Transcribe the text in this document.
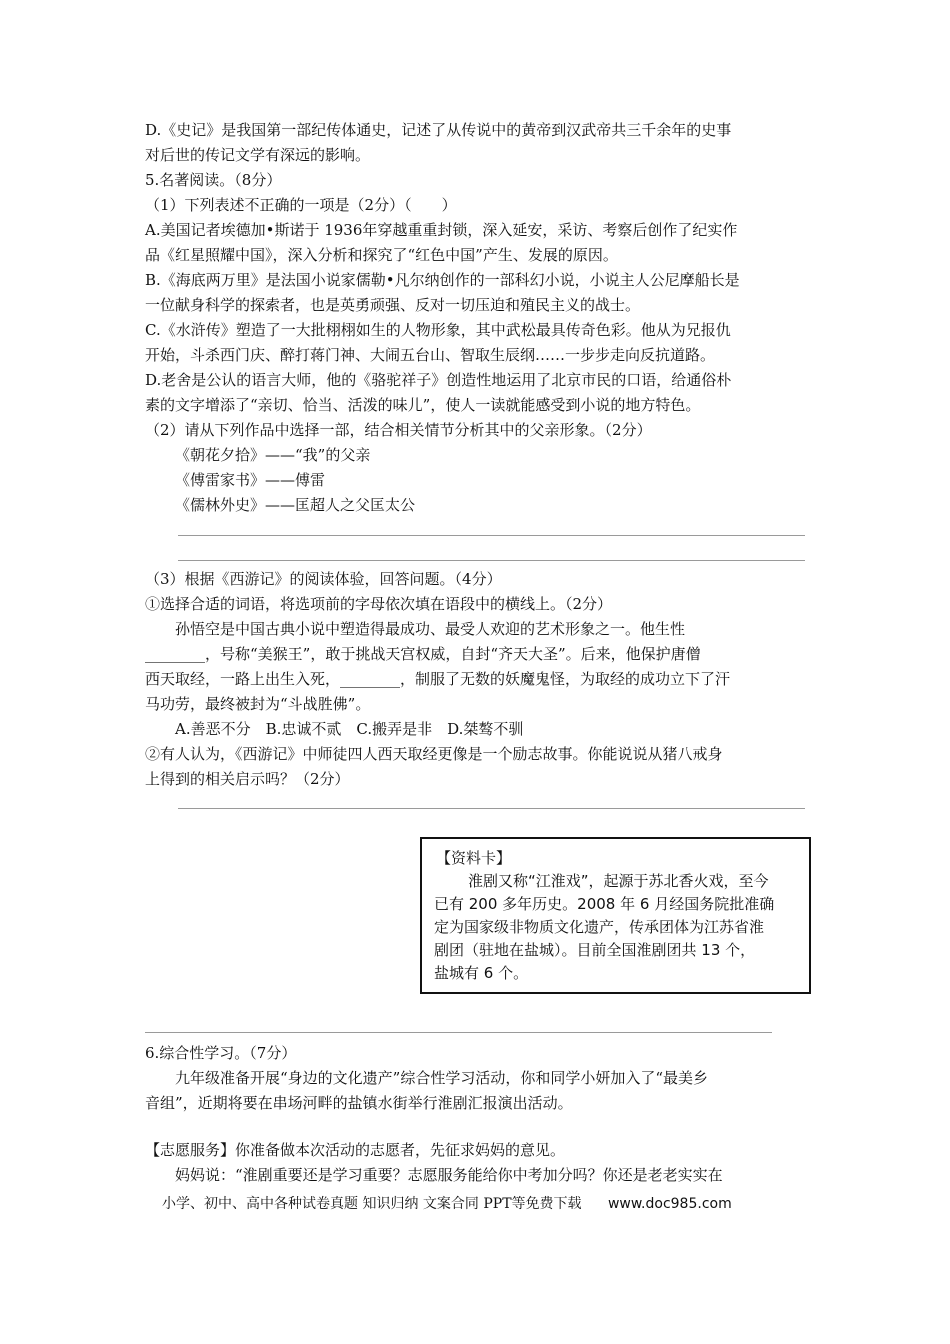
D.《史记》是我国第一部纪传体通史，记述了从传说中的黄帝到汉武帝共三千余年的史事
对后世的传记文学有深远的影响。
5.名著阅读。（8分）
（1）下列表述不正确的一项是（2分）（　　）
A.美国记者埃德加•斯诺于 1936年穿越重重封锁，深入延安，采访、考察后创作了纪实作
品《红星照耀中国》，深入分析和探究了“红色中国”产生、发展的原因。
B.《海底两万里》是法国小说家儒勒•凡尔纳创作的一部科幻小说，小说主人公尼摩船长是
一位献身科学的探索者，也是英勇顽强、反对一切压迫和殖民主义的战士。
C.《水浒传》塑造了一大批栩栩如生的人物形象，其中武松最具传奇色彩。他从为兄报仇
开始，斗杀西门庆、醉打蒋门神、大闹五台山、智取生辰纲……一步步走向反抗道路。
D.老舍是公认的语言大师，他的《骆驼祥子》创造性地运用了北京市民的口语，给通俗朴
素的文字增添了“亲切、恰当、活泼的味儿”，使人一读就能感受到小说的地方特色。
（2）请从下列作品中选择一部，结合相关情节分析其中的父亲形象。（2分）
《朝花夕拾》——“我”的父亲
《傅雷家书》——傅雷
《儒林外史》——匡超人之父匡太公
（3）根据《西游记》的阅读体验，回答问题。（4分）
①选择合适的词语，将选项前的字母依次填在语段中的横线上。（2分）
孙悟空是中国古典小说中塑造得最成功、最受人欢迎的艺术形象之一。他生性
________，号称“美猴王”，敢于挑战天宫权威，自封“齐天大圣”。后来，他保护唐僧
西天取经，一路上出生入死，________，制服了无数的妖魔鬼怪，为取经的成功立下了汗
马功劳，最终被封为“斗战胜佛”。
A.善恶不分　B.忠诚不贰　C.搬弄是非　D.桀骜不驯
②有人认为，《西游记》中师徒四人西天取经更像是一个励志故事。你能说说从猪八戒身
上得到的相关启示吗？（2分）
【资料卡】
淮剧又称“江淮戏”，起源于苏北香火戏，至今
已有 200 多年历史。2008 年 6 月经国务院批准确
定为国家级非物质文化遗产，传承团体为江苏省淮
剧团（驻地在盐城）。目前全国淮剧团共 13 个，
盐城有 6 个。
6.综合性学习。（7分）
九年级准备开展“身边的文化遗产”综合性学习活动，你和同学小妍加入了“最美乡
音组”，近期将要在串场河畔的盐镇水街举行淮剧汇报演出活动。
【志愿服务】你准备做本次活动的志愿者，先征求妈妈的意见。
妈妈说：“淮剧重要还是学习重要？志愿服务能给你中考加分吗？你还是老老实实在
小学、初中、高中各种试卷真题 知识归纳 文案合同 PPT等免费下载 www.doc985.com
